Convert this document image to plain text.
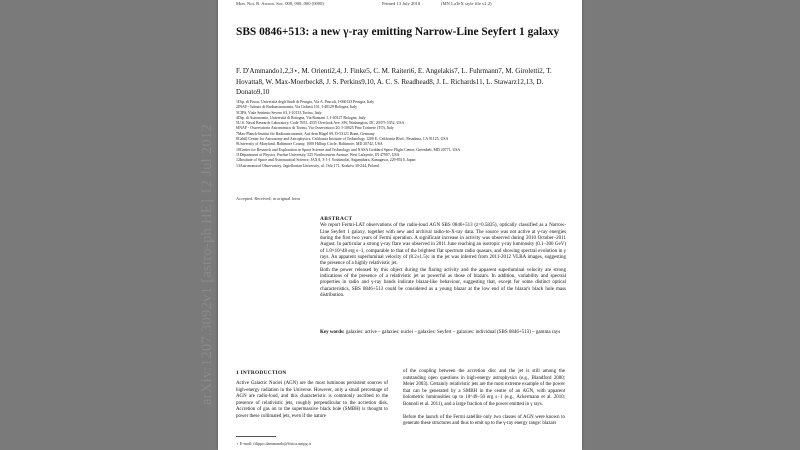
arXiv:1207.3092v1 [astro-ph.HE] 12 Jul 2012
Mon. Not. R. Astron. Soc. 000, 000–000 (0000)	Printed 13 July 2018	(MN LaTeX style file v2.2)
SBS 0846+513: a new γ-ray emitting Narrow-Line Seyfert 1 galaxy
F. D'Ammando1,2,3⋆, M. Orienti2,4, J. Finke5, C. M. Raiteri6, E. Angelakis7, L. Fuhrmann7, M. Giroletti2, T. Hovatta8, W. Max-Moerbeck8, J. S. Perkins9,10, A. C. S. Readhead8, J. L. Richards11, L. Stawarz12,13, D. Donato9,10
1Dip. di Fisica, Università degli Studi di Perugia, Via A. Pascoli, I-060123 Perugia, Italy
2INAF - Istituto di Radioastronomia, Via Gobetti 101, I-40129 Bologna, Italy
3CIFS, Viale Settimio Severo 63, I-10133 Torino, Italy
4Dip. di Astronomia, Università di Bologna, Via Ranzani 1, I-40127 Bologna, Italy
5U.S. Naval Research Laboratory, Code 7653, 4555 Overlook Ave. SW, Washington, DC 20375-5352, USA
6INAF - Osservatorio Astronomico di Torino, Via Osservatorio 20, I-10025 Pino Torinese (TO), Italy
7Max-Planck-Institut für Radioastronomie, Auf dem Hügel 69, D-53121 Bonn, Germany
8Cahill Center for Astronomy and Astrophysics, California Institute of Technology 1200 E. California Blvd., Pasadena, CA 91125, USA
9University of Maryland, Baltimore County, 1000 Hilltop Circle, Baltimore, MD 20742, USA
10Center for Research and Exploration in Space Science and Technology and NASA Goddard Space Flight Center, Greenbelt, MD 20771, USA
11Department of Physics, Purdue University, 525 Northwestern Avenue, West Lafayette, IN 47907, USA
12Institute of Space and Astronautical Science, JAXA, 3-1-1 Yoshinodai, Sagamihara, Kanagawa, 229-8510, Japan
13Astronomical Observatory, Jagiellonian University, ul. Orla 171, Kraków 30-244, Poland
Accepted. Received; in original form
ABSTRACT
We report Fermi-LAT observations of the radio-loud AGN SBS 0846+513 (z=0.5835), optically classified as a Narrow-Line Seyfert 1 galaxy, together with new and archival radio-to-X-ray data. The source was not active at γ-ray energies during the first two years of Fermi operation. A significant increase in activity was observed during 2010 October–2011 August. In particular a strong γ-ray flare was observed in 2011 June reaching an isotropic γ-ray luminosity (0.1–300 GeV) of 1.0×10^48 erg s−1, comparable to that of the brightest flat spectrum radio quasars, and showing spectral evolution in γ rays. An apparent superluminal velocity of (8.2±1.5)c in the jet was inferred from 2011-2012 VLBA images, suggesting the presence of a highly relativistic jet.
Both the power released by this object during the flaring activity and the apparent superluminal velocity are strong indications of the presence of a relativistic jet as powerful as those of blazars. In addition, variability and spectral properties in radio and γ-ray bands indicate blazar-like behaviour, suggesting that, except for some distinct optical characteristics, SBS 0846+513 could be considered as a young blazar at the low end of the blazar's black hole mass distribution.
Key words: galaxies: active – galaxies: nuclei – galaxies: Seyfert – galaxies: individual (SBS 0846+513) – gamma rays
1 INTRODUCTION
Active Galactic Nuclei (AGN) are the most luminous persistent sources of high-energy radiation in the Universe. However, only a small percentage of AGN are radio-loud, and this characteristic is commonly ascribed to the presence of relativistic jets, roughly perpendicular to the accretion disk. Accretion of gas on to the supermassive black hole (SMBH) is thought to power these collimated jets, even if the nature

of the coupling between the accretion disc and the jet is still among the outstanding open questions in high-energy astrophysics (e.g., Blandford 2000; Meier 2003). Certainly relativistic jets are the most extreme example of the power that can be generated by a SMBH in the centre of an AGN, with apparent bolometric luminosities up to 10^49−50 erg s−1 (e.g., Ackermann et al. 2010; Bonnoli et al. 2011), and a large fraction of the power emitted in γ rays.

Before the launch of the Fermi satellite only two classes of AGN were known to generate these structures and thus to emit up to the γ-ray energy range: blazars

⋆ E-mail: filippo.dammando@fisica.unipg.it
